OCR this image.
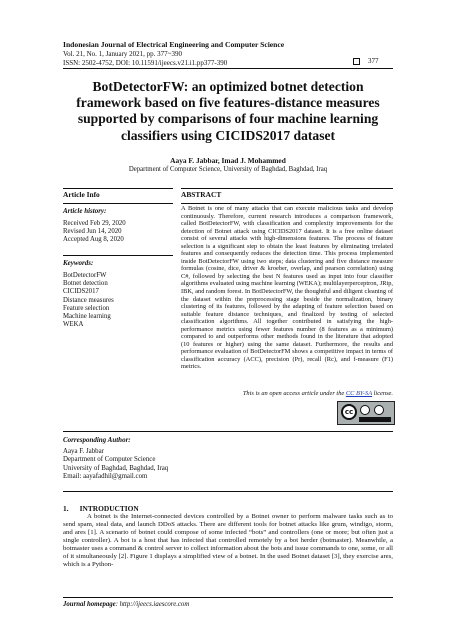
Indonesian Journal of Electrical Engineering and Computer Science
Vol. 21, No. 1, January 2021, pp. 377~390
ISSN: 2502-4752, DOI: 10.11591/ijeecs.v21.i1.pp377-390	377
BotDetectorFW: an optimized botnet detection framework based on five features-distance measures supported by comparisons of four machine learning classifiers using CICIDS2017 dataset
Aaya F. Jabbar, Imad J. Mohammed
Department of Computer Science, University of Baghdad, Baghdad, Iraq
Article Info	ABSTRACT
Article history:
Received Feb 29, 2020
Revised Jun 14, 2020
Accepted Aug 8, 2020
Keywords:
BotDetectorFW
Botnet detection
CICIDS2017
Distance measures
Feature selection
Machine learning
WEKA
A Botnet is one of many attacks that can execute malicious tasks and develop continuously. Therefore, current research introduces a comparison framework, called BotDetectorFW, with classification and complexity improvements for the detection of Botnet attack using CICIDS2017 dataset. It is a free online dataset consist of several attacks with high-dimensions features. The process of feature selection is a significant step to obtain the least features by eliminating irrelated features and consequently reduces the detection time. This process implemented inside BotDetectorFW using two steps; data clustering and five distance measure formulas (cosine, dice, driver & kroeber, overlap, and pearson correlation) using C#, followed by selecting the best N features used as input into four classifier algorithms evaluated using machine learning (WEKA); multilayerperceptron, JRip, IBK, and random forest. In BotDetectorFW, the thoughtful and diligent cleaning of the dataset within the preprocessing stage beside the normalization, binary clustering of its features, followed by the adapting of feature selection based on suitable feature distance techniques, and finalized by testing of selected classification algorithms. All together contributed in satisfying the high-performance metrics using fewer features number (8 features as a minimum) compared to and outperforms other methods found in the literature that adopted (10 features or higher) using the same dataset. Furthermore, the results and performance evaluation of BotDetectorFM shows a competitive impact in terms of classification accuracy (ACC), precision (Pr), recall (Rc), and f-measure (F1) metrics.
This is an open access article under the CC BY-SA license.
cc
BY SA
Corresponding Author:
Aaya F. Jabbar
Department of Computer Science
University of Baghdad, Baghdad, Iraq
Email: aayafadhil@gmail.com
1.      INTRODUCTION
A botnet is the Internet-connected devices controlled by a Botnet owner to perform malware tasks such as to send spam, steal data, and launch DDoS attacks. There are different tools for botnet attacks like grum, windigo, storm, and ares [1]. A scenario of botnet could compose of some infected “bots” and controllers (one or more; but often just a single controller). A bot is a host that has infected that controlled remotely by a bot herder (botmaster). Meanwhile, a botmaster uses a command & control server to collect information about the bots and issue commands to one, some, or all of it simultaneously [2]. Figure 1 displays a simplified view of a botnet. In the used Botnet dataset [3], they exercise ares, which is a Python-
Journal homepage: http://ijeecs.iaescore.com
